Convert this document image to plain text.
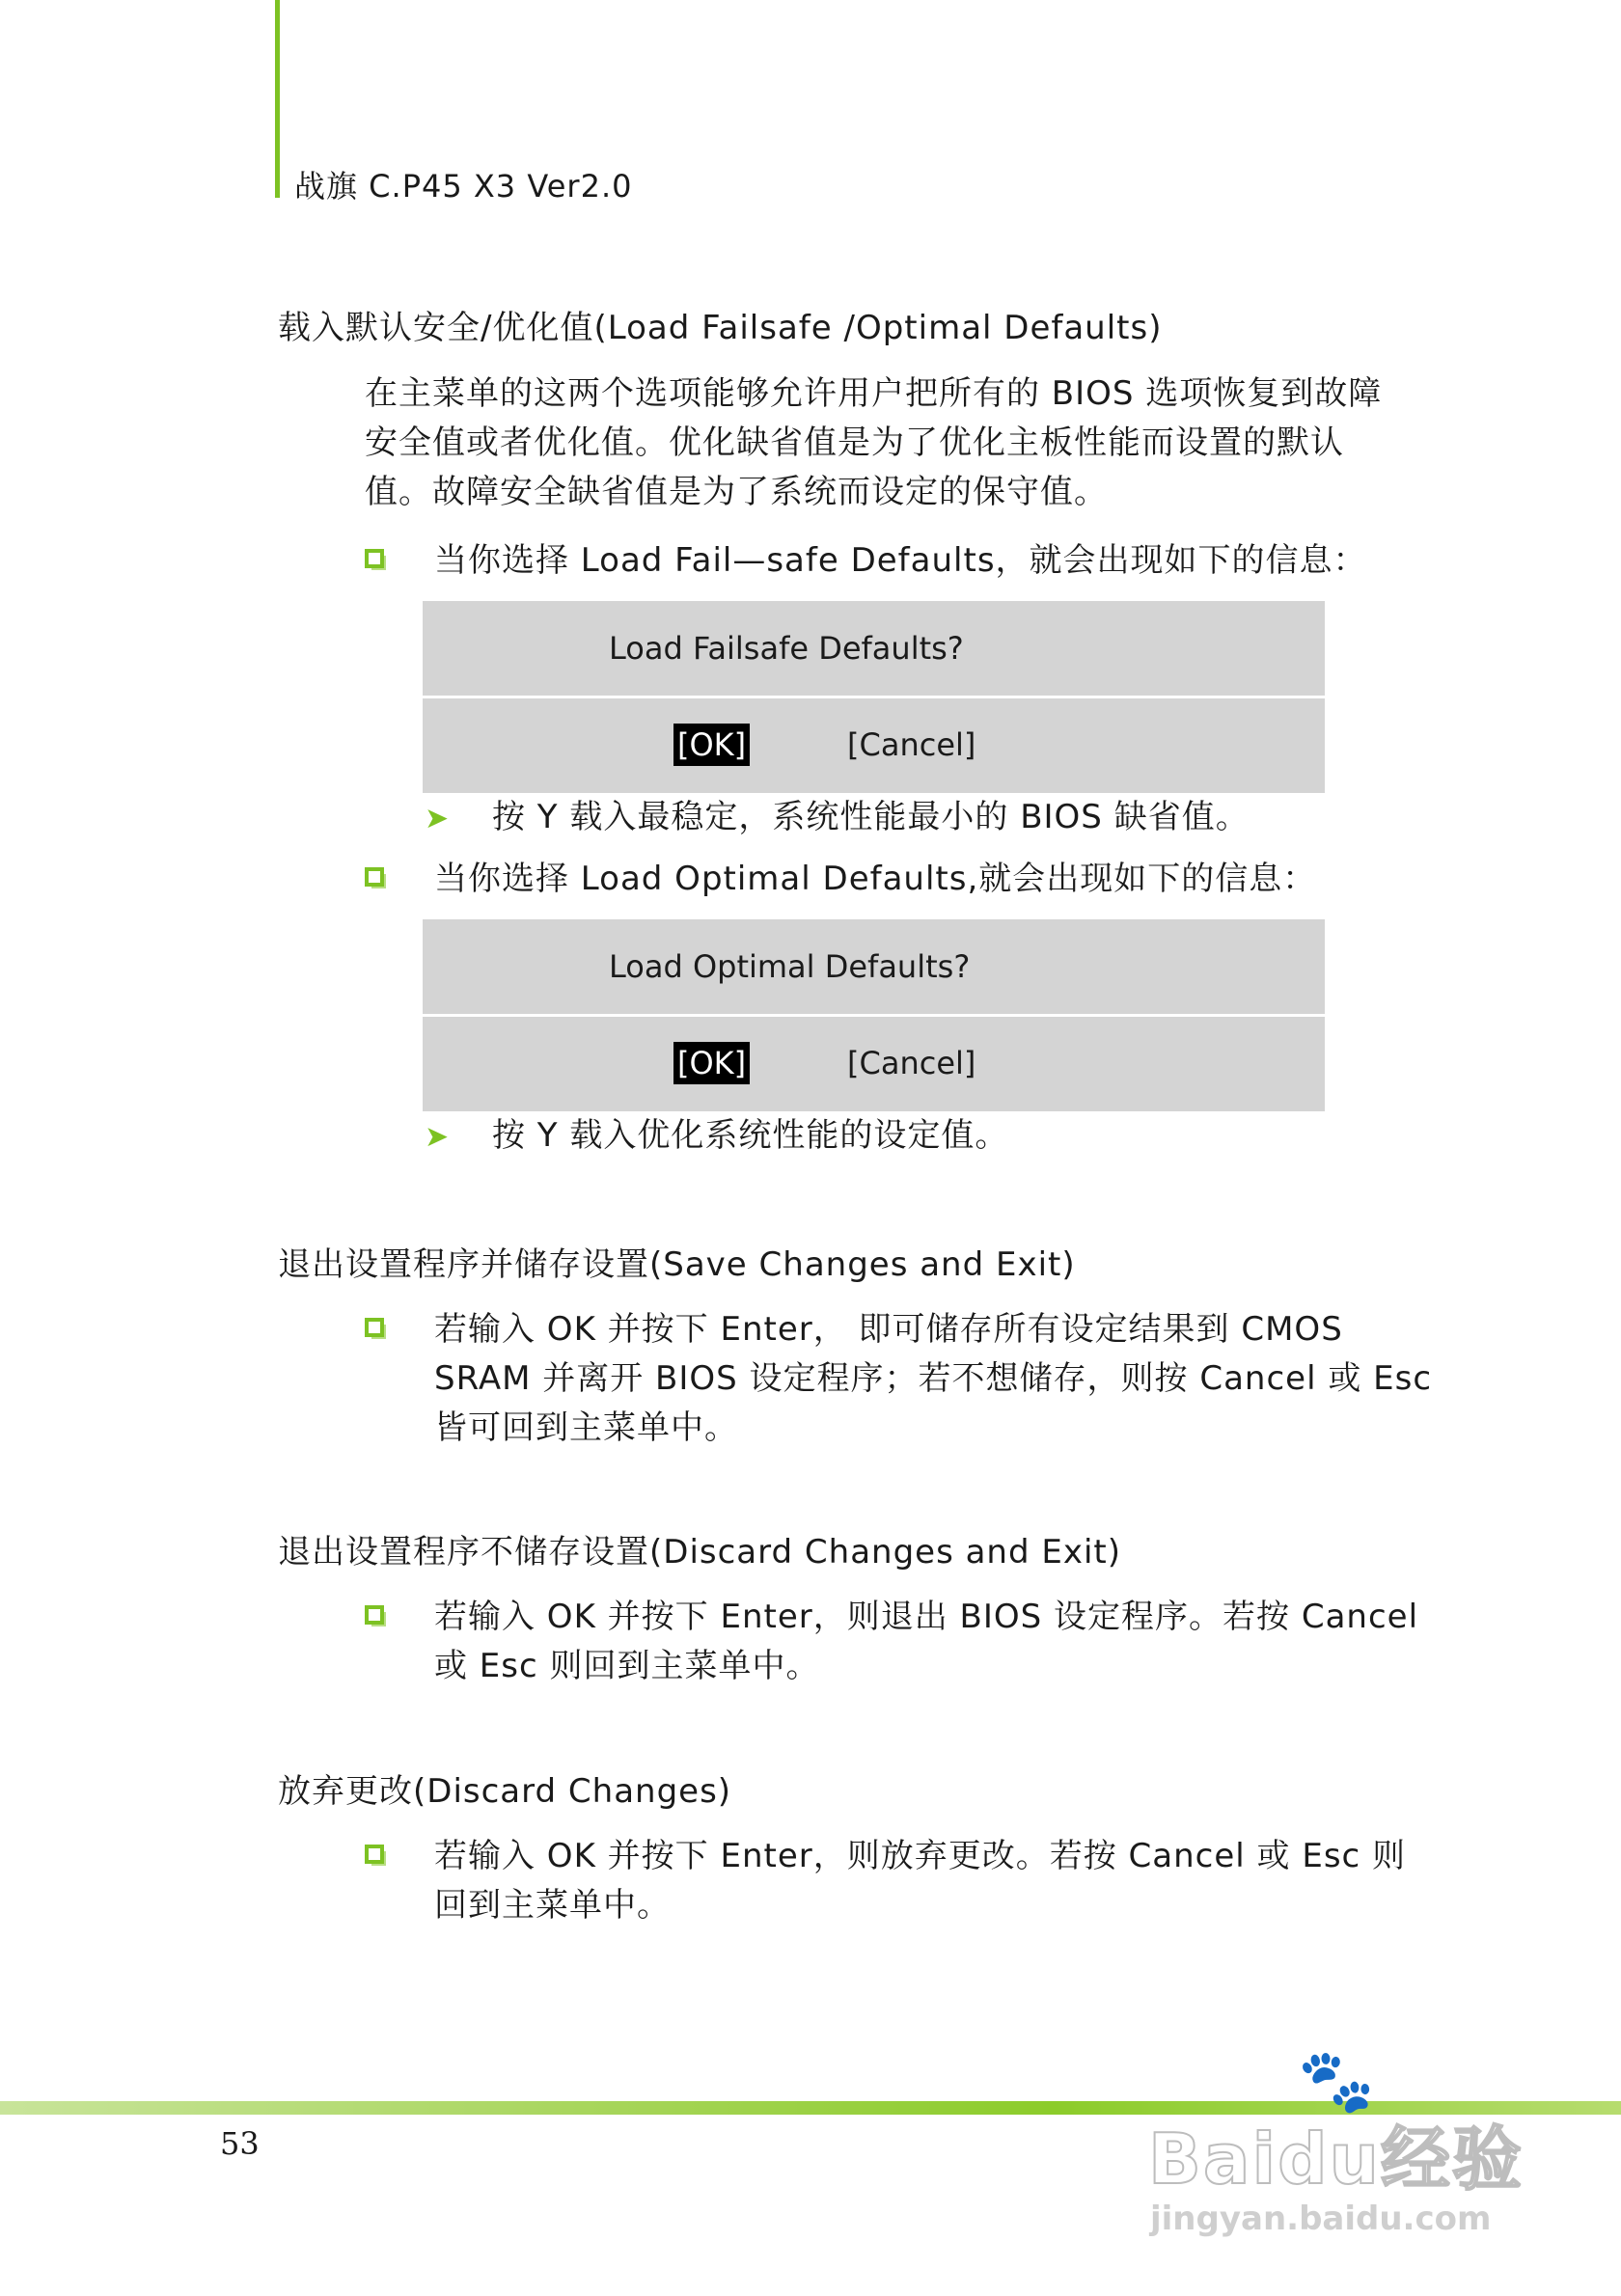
战旗 C.P45 X3 Ver2.0
载入默认安全/优化值(Load Failsafe /Optimal Defaults)
在主菜单的这两个选项能够允许用户把所有的 BIOS 选项恢复到故障安全值或者优化值。优化缺省值是为了优化主板性能而设置的默认值。故障安全缺省值是为了系统而设定的保守值。
当你选择 Load Fail—safe Defaults，就会出现如下的信息：
Load Failsafe Defaults?
[OK]	[Cancel]
➤ 按 Y 载入最稳定，系统性能最小的 BIOS 缺省值。
当你选择 Load Optimal Defaults,就会出现如下的信息：
Load Optimal Defaults?
[OK]	[Cancel]
➤ 按 Y 载入优化系统性能的设定值。
退出设置程序并储存设置(Save Changes and Exit)
若输入 OK 并按下 Enter， 即可储存所有设定结果到 CMOS SRAM 并离开 BIOS 设定程序；若不想储存，则按 Cancel 或 Esc 皆可回到主菜单中。
退出设置程序不储存设置(Discard Changes and Exit)
若输入 OK 并按下 Enter，则退出 BIOS 设定程序。若按 Cancel 或 Esc 则回到主菜单中。
放弃更改(Discard Changes)
若输入 OK 并按下 Enter，则放弃更改。若按 Cancel 或 Esc 则回到主菜单中。
53
🐾
Baidu经验
jingyan.baidu.com
